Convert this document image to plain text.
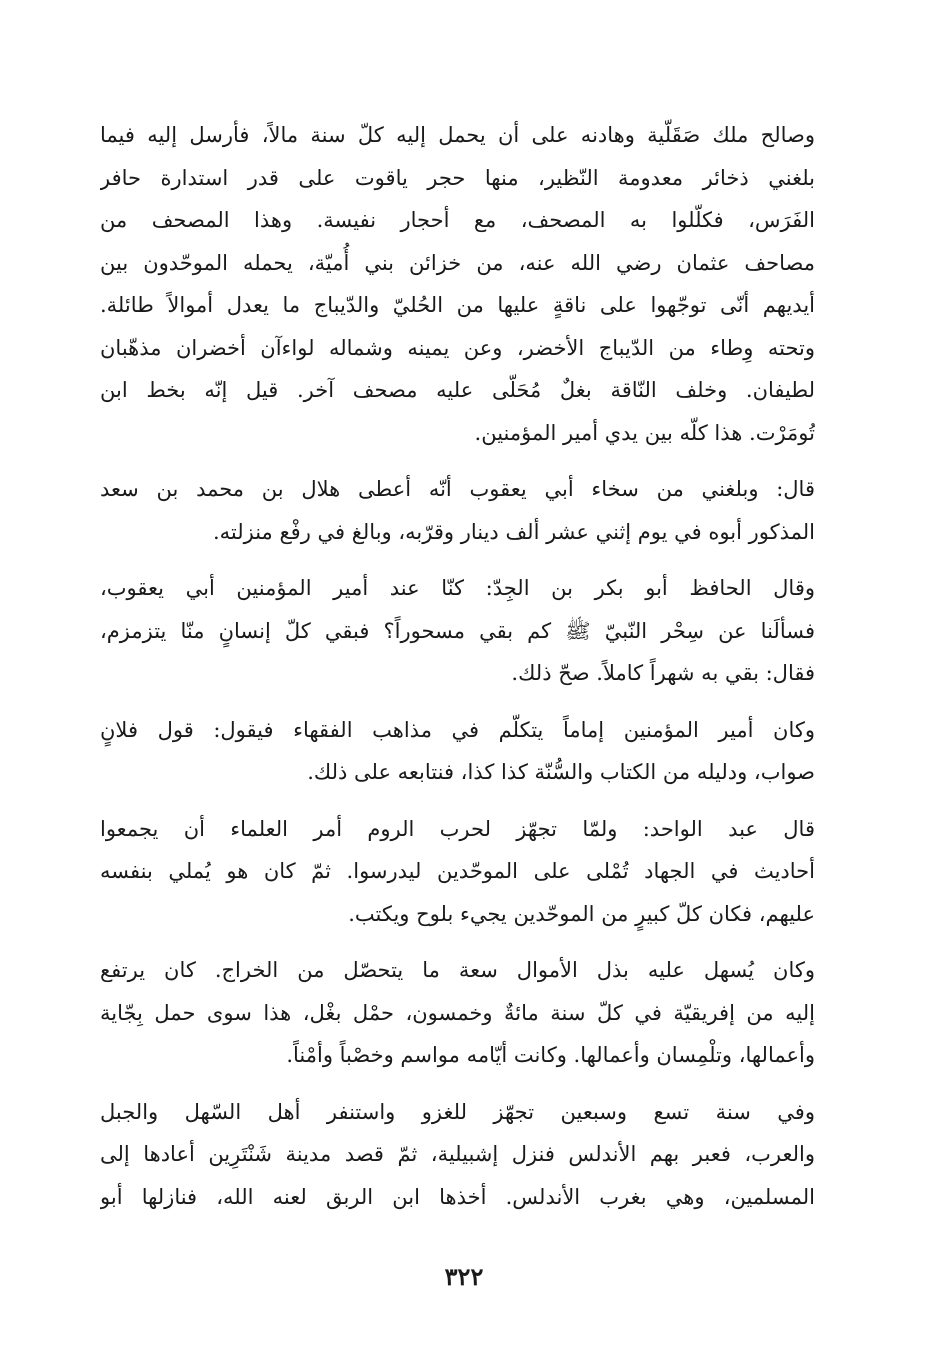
وصالح ملك صَقَلّية وهادنه على أن يحمل إليه كلّ سنة مالاً، فأرسل إليه فيما
بلغني ذخائر معدومة النّظير، منها حجر ياقوت على قدر استدارة حافر
الفَرَس، فكلّلوا به المصحف، مع أحجار نفيسة. وهذا المصحف من
مصاحف عثمان رضي الله عنه، من خزائن بني أُميّة، يحمله الموحّدون بين
أيديهم أنّى توجّهوا على ناقةٍ عليها من الحُليّ والدّيباج ما يعدل أموالاً طائلة.
وتحته وِطاء من الدّيباج الأخضر، وعن يمينه وشماله لواءآن أخضران مذهّبان
لطيفان. وخلف النّاقة بغلٌ مُحَلّى عليه مصحف آخر. قيل إنّه بخط ابن
تُومَرْت. هذا كلّه بين يدي أمير المؤمنين.
قال: وبلغني من سخاء أبي يعقوب أنّه أعطى هلال بن محمد بن سعد
المذكور أبوه في يوم إثني عشر ألف دينار وقرّبه، وبالغ في رفْع منزلته.
وقال الحافظ أبو بكر بن الجِدّ: كنّا عند أمير المؤمنين أبي يعقوب،
فسألَنا عن سِحْر النّبيّ ﷺ كم بقي مسحوراً؟ فبقي كلّ إنسانٍ منّا يتزمزم،
فقال: بقي به شهراً كاملاً. صحّ ذلك.
وكان أمير المؤمنين إماماً يتكلّم في مذاهب الفقهاء فيقول: قول فلانٍ
صواب، ودليله من الكتاب والسُّنّة كذا كذا، فنتابعه على ذلك.
قال عبد الواحد: ولمّا تجهّز لحرب الروم أمر العلماء أن يجمعوا
أحاديث في الجهاد تُمْلى على الموحّدين ليدرسوا. ثمّ كان هو يُملي بنفسه
عليهم، فكان كلّ كبيرٍ من الموحّدين يجيء بلوح ويكتب.
وكان يُسهل عليه بذل الأموال سعة ما يتحصّل من الخراج. كان يرتفع
إليه من إفريقيّة في كلّ سنة مائةٌ وخمسون، حمْل بغْل، هذا سوى حمل بِجّاية
وأعمالها، وتلْمِسان وأعمالها. وكانت أيّامه مواسم وخصْباً وأمْناً.
وفي سنة تسع وسبعين تجهّز للغزو واستنفر أهل السّهل والجبل
والعرب، فعبر بهم الأندلس فنزل إشبيلية، ثمّ قصد مدينة شَنْتَرِين أعادها إلى
المسلمين، وهي بغرب الأندلس. أخذها ابن الربق لعنه الله، فنازلها أبو
٣٢٢
